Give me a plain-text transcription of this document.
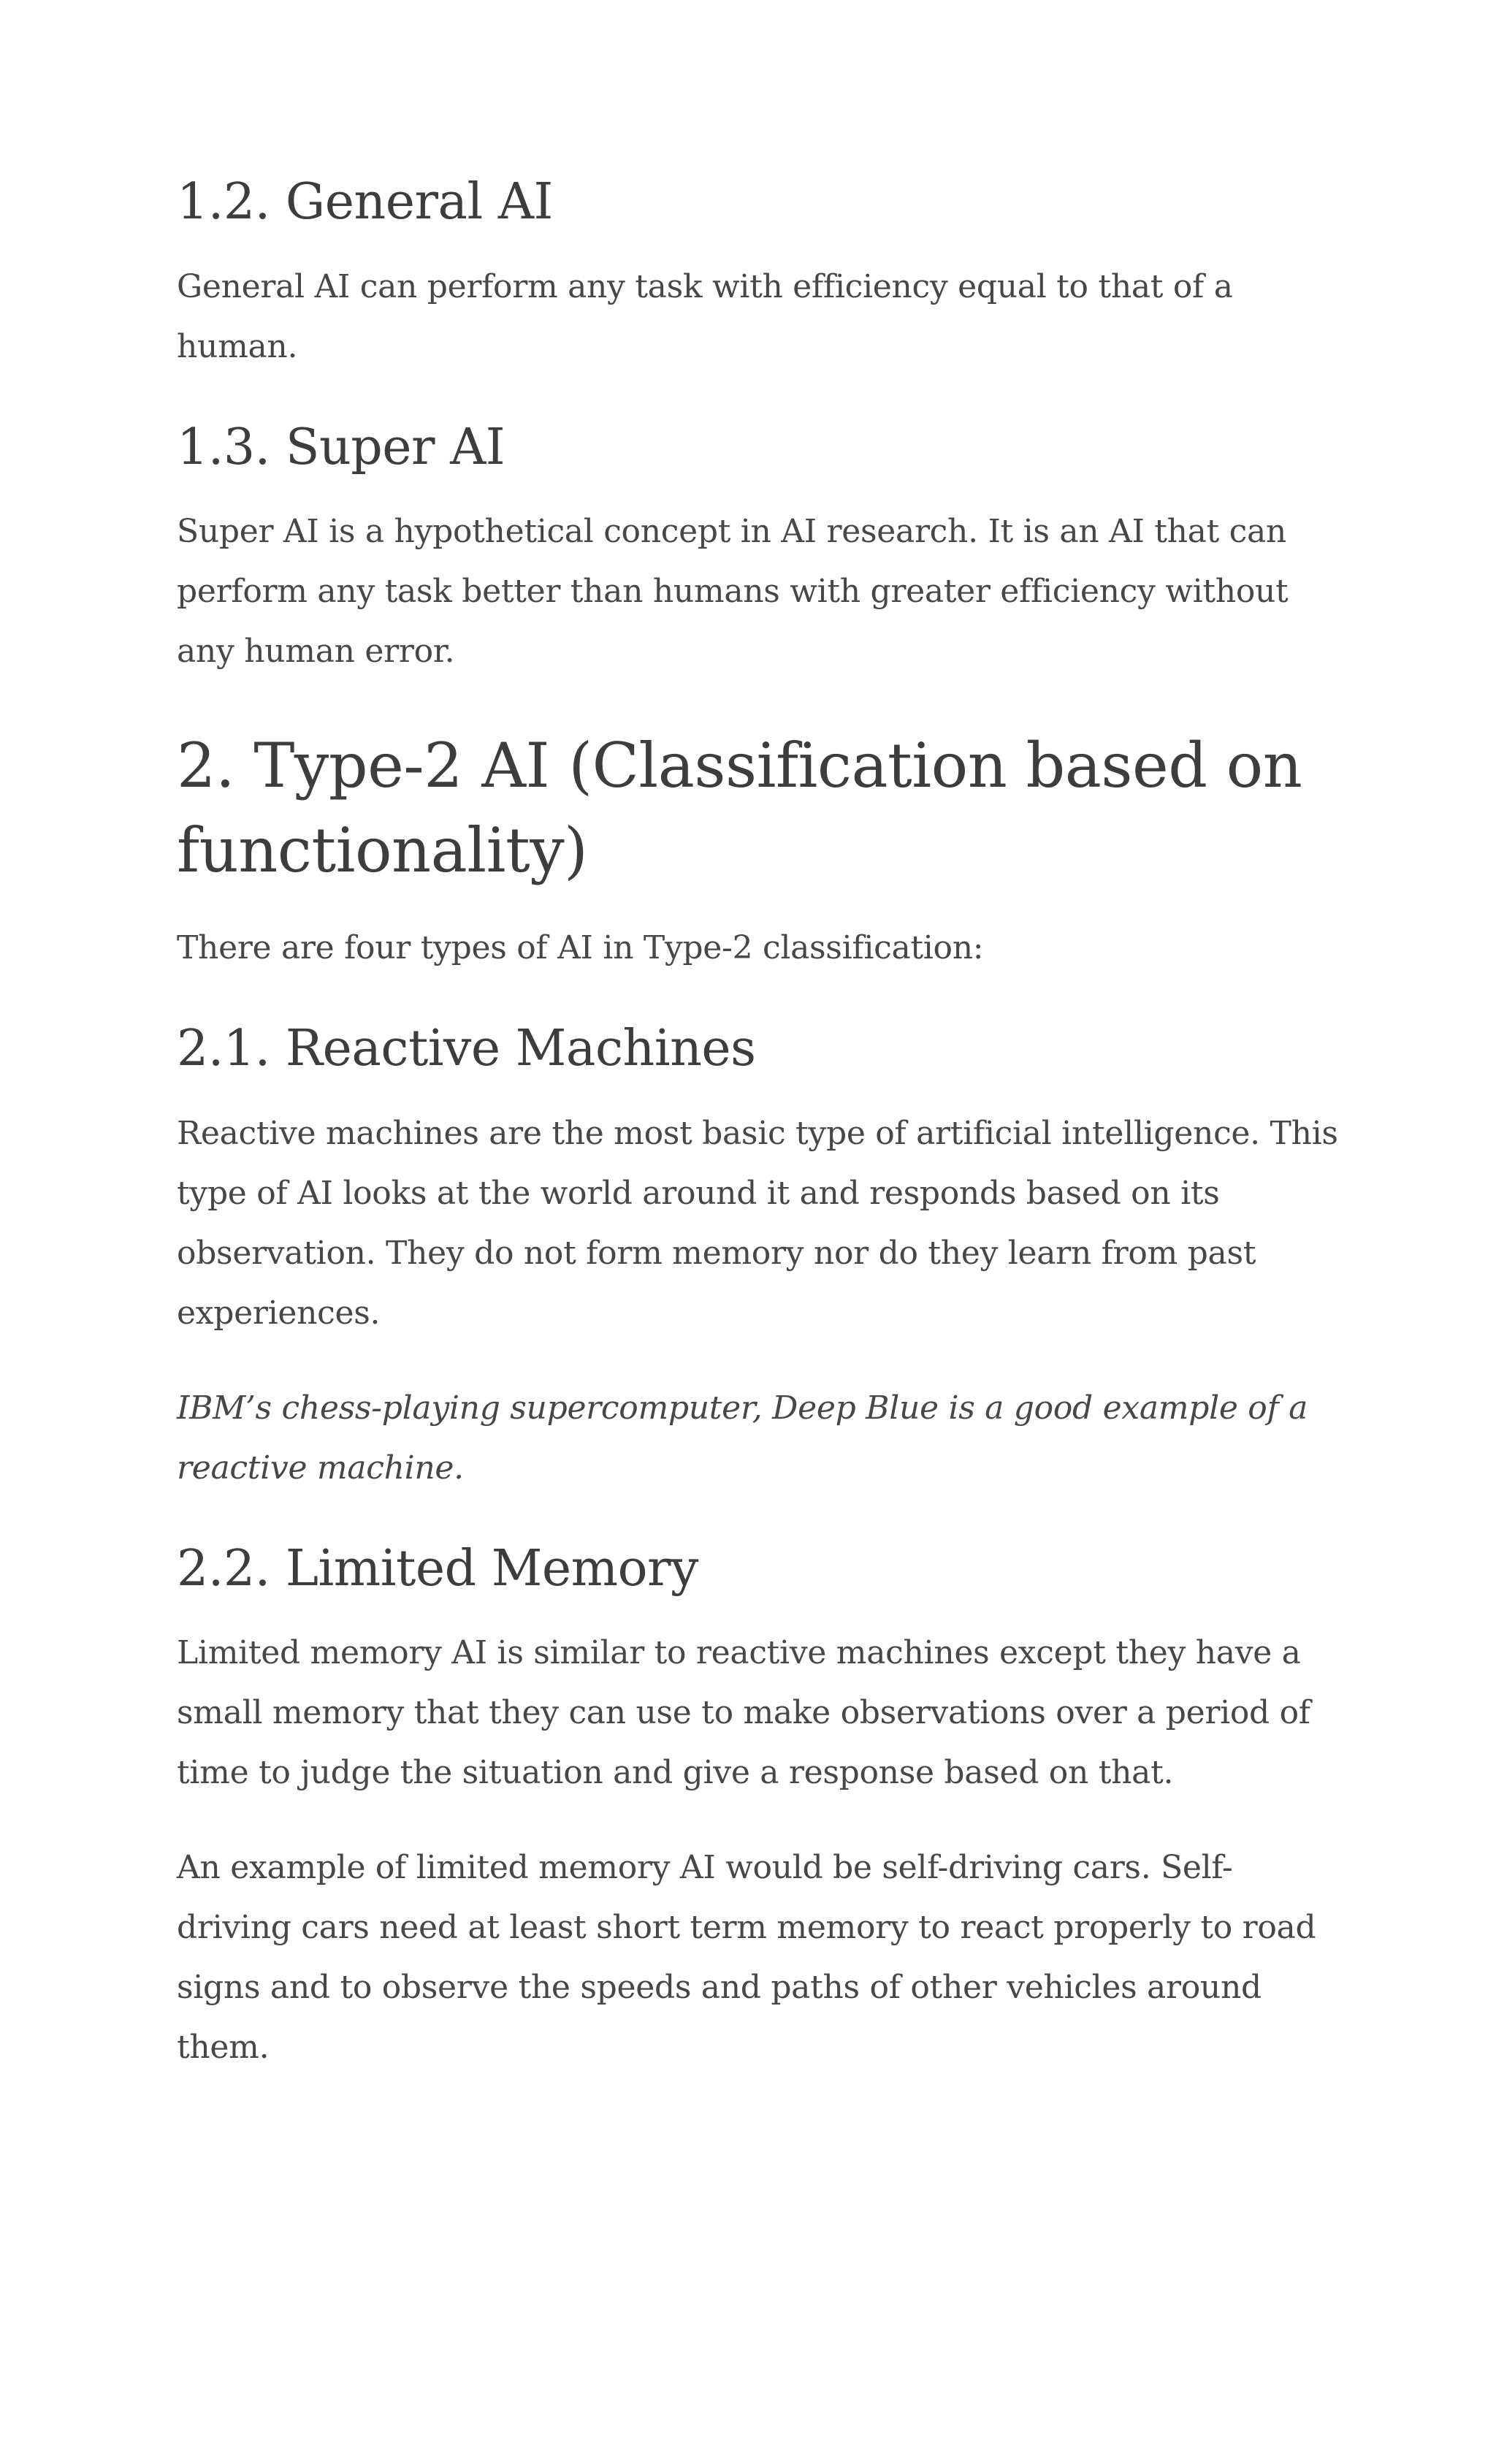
1.2. General AI

General AI can perform any task with efficiency equal to that of a human.

1.3. Super AI

Super AI is a hypothetical concept in AI research. It is an AI that can perform any task better than humans with greater efficiency without any human error.

2. Type-2 AI (Classification based on functionality)

There are four types of AI in Type-2 classification:

2.1. Reactive Machines

Reactive machines are the most basic type of artificial intelligence. This type of AI looks at the world around it and responds based on its observation. They do not form memory nor do they learn from past experiences.

IBM’s chess-playing supercomputer, Deep Blue is a good example of a reactive machine.

2.2. Limited Memory

Limited memory AI is similar to reactive machines except they have a small memory that they can use to make observations over a period of time to judge the situation and give a response based on that.

An example of limited memory AI would be self-driving cars. Self-driving cars need at least short term memory to react properly to road signs and to observe the speeds and paths of other vehicles around them.
